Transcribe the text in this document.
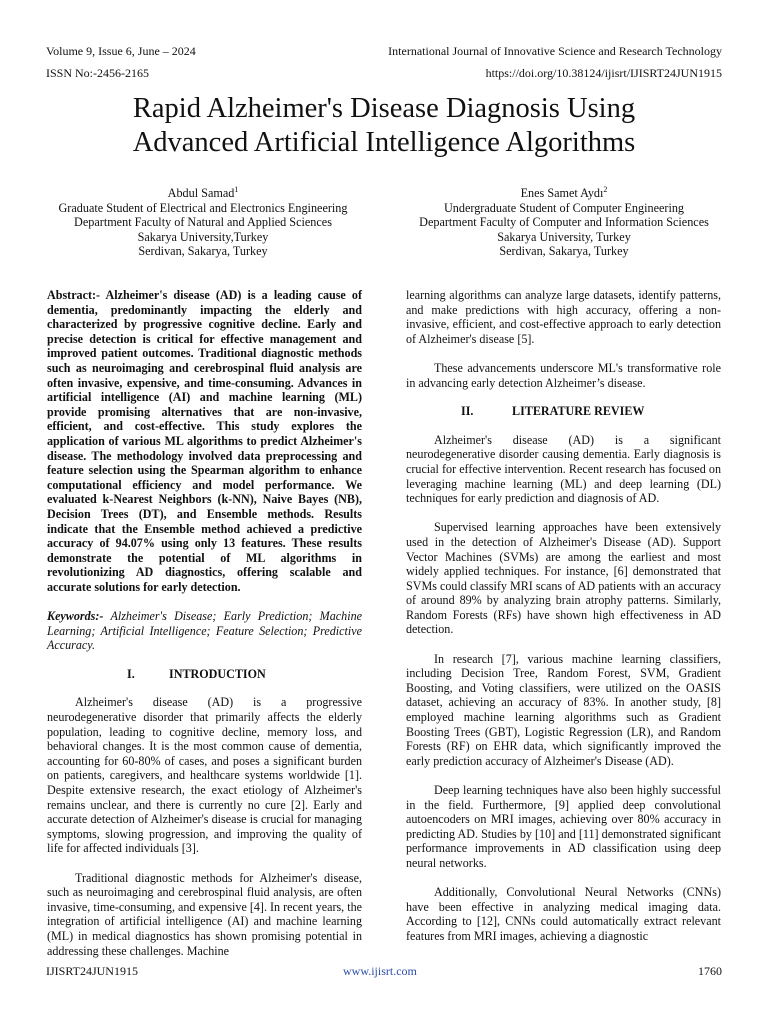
Volume 9, Issue 6, June – 2024	International Journal of Innovative Science and Research Technology
ISSN No:-2456-2165	https://doi.org/10.38124/ijisrt/IJISRT24JUN1915
Rapid Alzheimer's Disease Diagnosis Using
Advanced Artificial Intelligence Algorithms
Abdul Samad$^1$
Graduate Student of Electrical and Electronics Engineering
Department Faculty of Natural and Applied Sciences
Sakarya University,Turkey
Serdivan, Sakarya, Turkey
Enes Samet Aydı$^2$
Undergraduate Student of Computer Engineering
Department Faculty of Computer and Information Sciences
Sakarya University, Turkey
Serdivan, Sakarya, Turkey

Abstract:- Alzheimer's disease (AD) is a leading cause of dementia, predominantly impacting the elderly and characterized by progressive cognitive decline. Early and precise detection is critical for effective management and improved patient outcomes. Traditional diagnostic methods such as neuroimaging and cerebrospinal fluid analysis are often invasive, expensive, and time-consuming. Advances in artificial intelligence (AI) and machine learning (ML) provide promising alternatives that are non-invasive, efficient, and cost-effective. This study explores the application of various ML algorithms to predict Alzheimer's disease. The methodology involved data preprocessing and feature selection using the Spearman algorithm to enhance computational efficiency and model performance. We evaluated k-Nearest Neighbors (k-NN), Naive Bayes (NB), Decision Trees (DT), and Ensemble methods. Results indicate that the Ensemble method achieved a predictive accuracy of 94.07% using only 13 features. These results demonstrate the potential of ML algorithms in revolutionizing AD diagnostics, offering scalable and accurate solutions for early detection.

Keywords:- Alzheimer's Disease; Early Prediction; Machine Learning; Artificial Intelligence; Feature Selection; Predictive Accuracy.

I.	INTRODUCTION

Alzheimer's disease (AD) is a progressive neurodegenerative disorder that primarily affects the elderly population, leading to cognitive decline, memory loss, and behavioral changes. It is the most common cause of dementia, accounting for 60-80% of cases, and poses a significant burden on patients, caregivers, and healthcare systems worldwide [1]. Despite extensive research, the exact etiology of Alzheimer's remains unclear, and there is currently no cure [2]. Early and accurate detection of Alzheimer's disease is crucial for managing symptoms, slowing progression, and improving the quality of life for affected individuals [3].

Traditional diagnostic methods for Alzheimer's disease, such as neuroimaging and cerebrospinal fluid analysis, are often invasive, time-consuming, and expensive [4]. In recent years, the integration of artificial intelligence (AI) and machine learning (ML) in medical diagnostics has shown promising potential in addressing these challenges. Machine

learning algorithms can analyze large datasets, identify patterns, and make predictions with high accuracy, offering a non-invasive, efficient, and cost-effective approach to early detection of Alzheimer's disease [5].

These advancements underscore ML's transformative role in advancing early detection Alzheimer’s disease.

II.	LITERATURE REVIEW

Alzheimer's disease (AD) is a significant neurodegenerative disorder causing dementia. Early diagnosis is crucial for effective intervention. Recent research has focused on leveraging machine learning (ML) and deep learning (DL) techniques for early prediction and diagnosis of AD.

Supervised learning approaches have been extensively used in the detection of Alzheimer's Disease (AD). Support Vector Machines (SVMs) are among the earliest and most widely applied techniques. For instance, [6] demonstrated that SVMs could classify MRI scans of AD patients with an accuracy of around 89% by analyzing brain atrophy patterns. Similarly, Random Forests (RFs) have shown high effectiveness in AD detection.

In research [7], various machine learning classifiers, including Decision Tree, Random Forest, SVM, Gradient Boosting, and Voting classifiers, were utilized on the OASIS dataset, achieving an accuracy of 83%. In another study, [8] employed machine learning algorithms such as Gradient Boosting Trees (GBT), Logistic Regression (LR), and Random Forests (RF) on EHR data, which significantly improved the early prediction accuracy of Alzheimer's Disease (AD).

Deep learning techniques have also been highly successful in the field. Furthermore, [9] applied deep convolutional autoencoders on MRI images, achieving over 80% accuracy in predicting AD. Studies by [10] and [11] demonstrated significant performance improvements in AD classification using deep neural networks.

Additionally, Convolutional Neural Networks (CNNs) have been effective in analyzing medical imaging data. According to [12], CNNs could automatically extract relevant features from MRI images, achieving a diagnostic

IJISRT24JUN1915	www.ijisrt.com	1760
